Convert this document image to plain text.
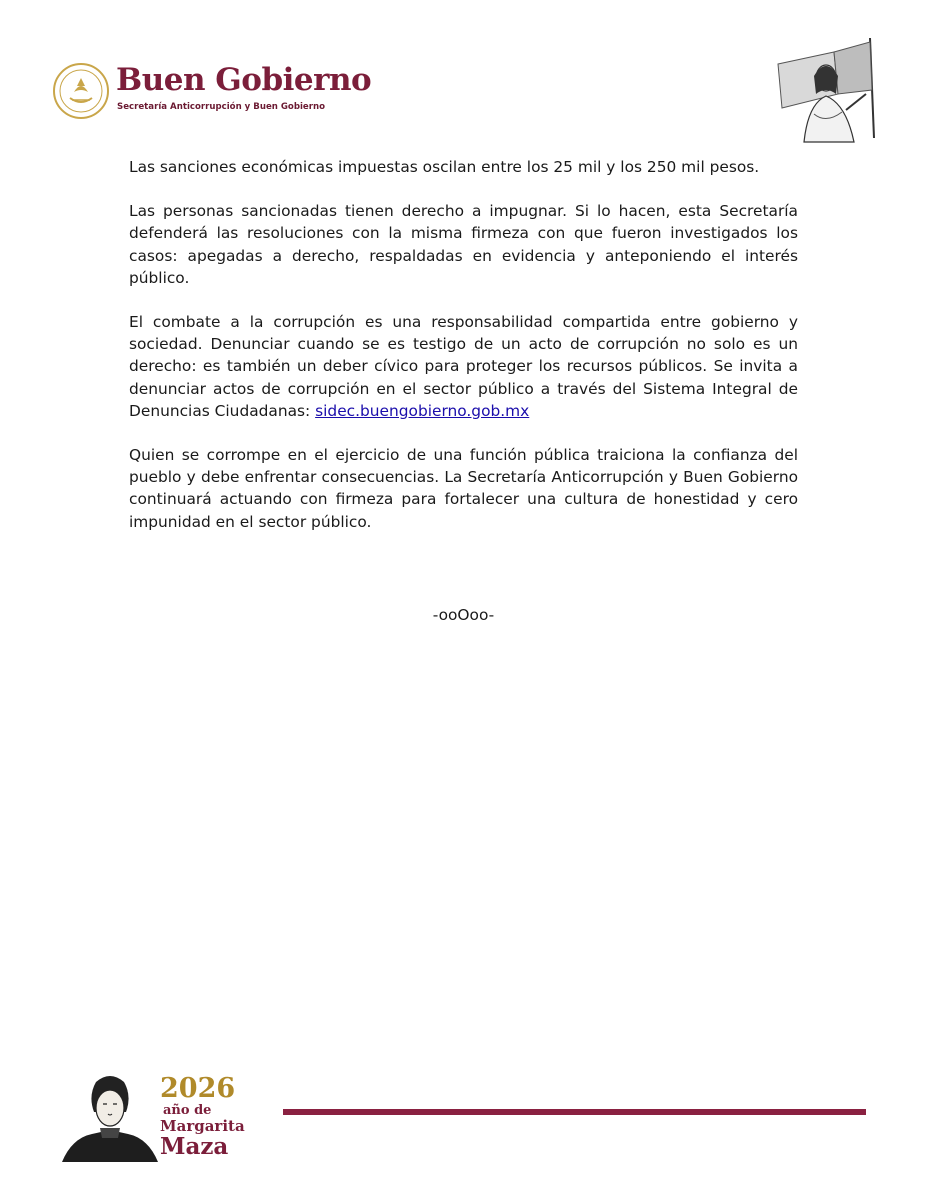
Buen Gobierno
Secretaría Anticorrupción y Buen Gobierno

Las sanciones económicas impuestas oscilan entre los 25 mil y los 250 mil pesos.

Las personas sancionadas tienen derecho a impugnar. Si lo hacen, esta Secretaría defenderá las resoluciones con la misma firmeza con que fueron investigados los casos: apegadas a derecho, respaldadas en evidencia y anteponiendo el interés público.

El combate a la corrupción es una responsabilidad compartida entre gobierno y sociedad. Denunciar cuando se es testigo de un acto de corrupción no solo es un derecho: es también un deber cívico para proteger los recursos públicos. Se invita a denunciar actos de corrupción en el sector público a través del Sistema Integral de Denuncias Ciudadanas: sidec.buengobierno.gob.mx

Quien se corrompe en el ejercicio de una función pública traiciona la confianza del pueblo y debe enfrentar consecuencias. La Secretaría Anticorrupción y Buen Gobierno continuará actuando con firmeza para fortalecer una cultura de honestidad y cero impunidad en el sector público.

-ooOoo-
2026
año de
Margarita
Maza
